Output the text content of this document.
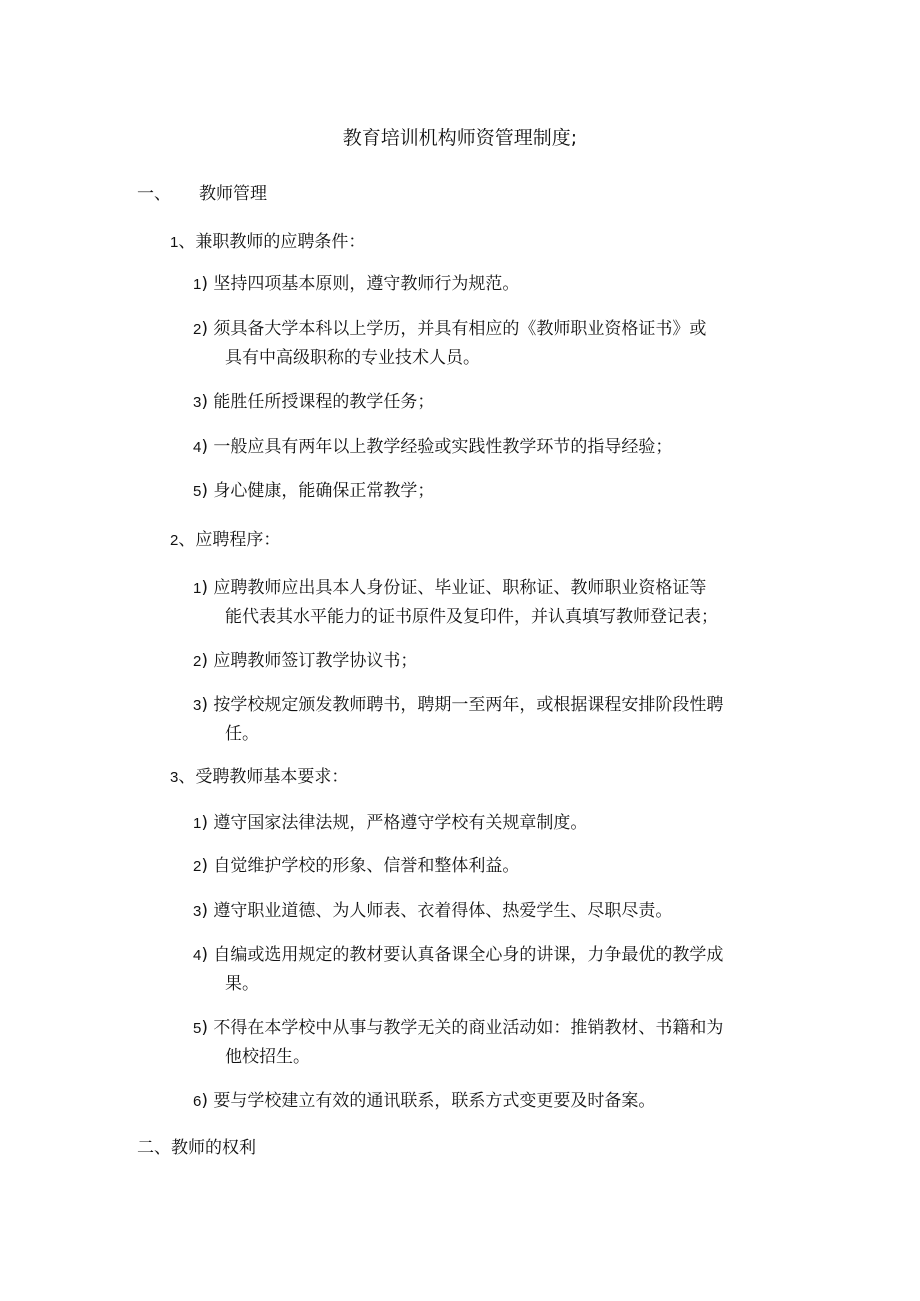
教育培训机构师资管理制度;
一、 教师管理
1、兼职教师的应聘条件：
1) 坚持四项基本原则，遵守教师行为规范。
2) 须具备大学本科以上学历，并具有相应的《教师职业资格证书》或
具有中高级职称的专业技术人员。
3) 能胜任所授课程的教学任务；
4) 一般应具有两年以上教学经验或实践性教学环节的指导经验；
5) 身心健康，能确保正常教学；
2、应聘程序：
1) 应聘教师应出具本人身份证、毕业证、职称证、教师职业资格证等
能代表其水平能力的证书原件及复印件，并认真填写教师登记表；
2) 应聘教师签订教学协议书；
3) 按学校规定颁发教师聘书，聘期一至两年，或根据课程安排阶段性聘
任。
3、受聘教师基本要求：
1) 遵守国家法律法规，严格遵守学校有关规章制度。
2) 自觉维护学校的形象、信誉和整体利益。
3) 遵守职业道德、为人师表、衣着得体、热爱学生、尽职尽责。
4) 自编或选用规定的教材要认真备课全心身的讲课，力争最优的教学成
果。
5) 不得在本学校中从事与教学无关的商业活动如：推销教材、书籍和为
他校招生。
6) 要与学校建立有效的通讯联系，联系方式变更要及时备案。
二、教师的权利
